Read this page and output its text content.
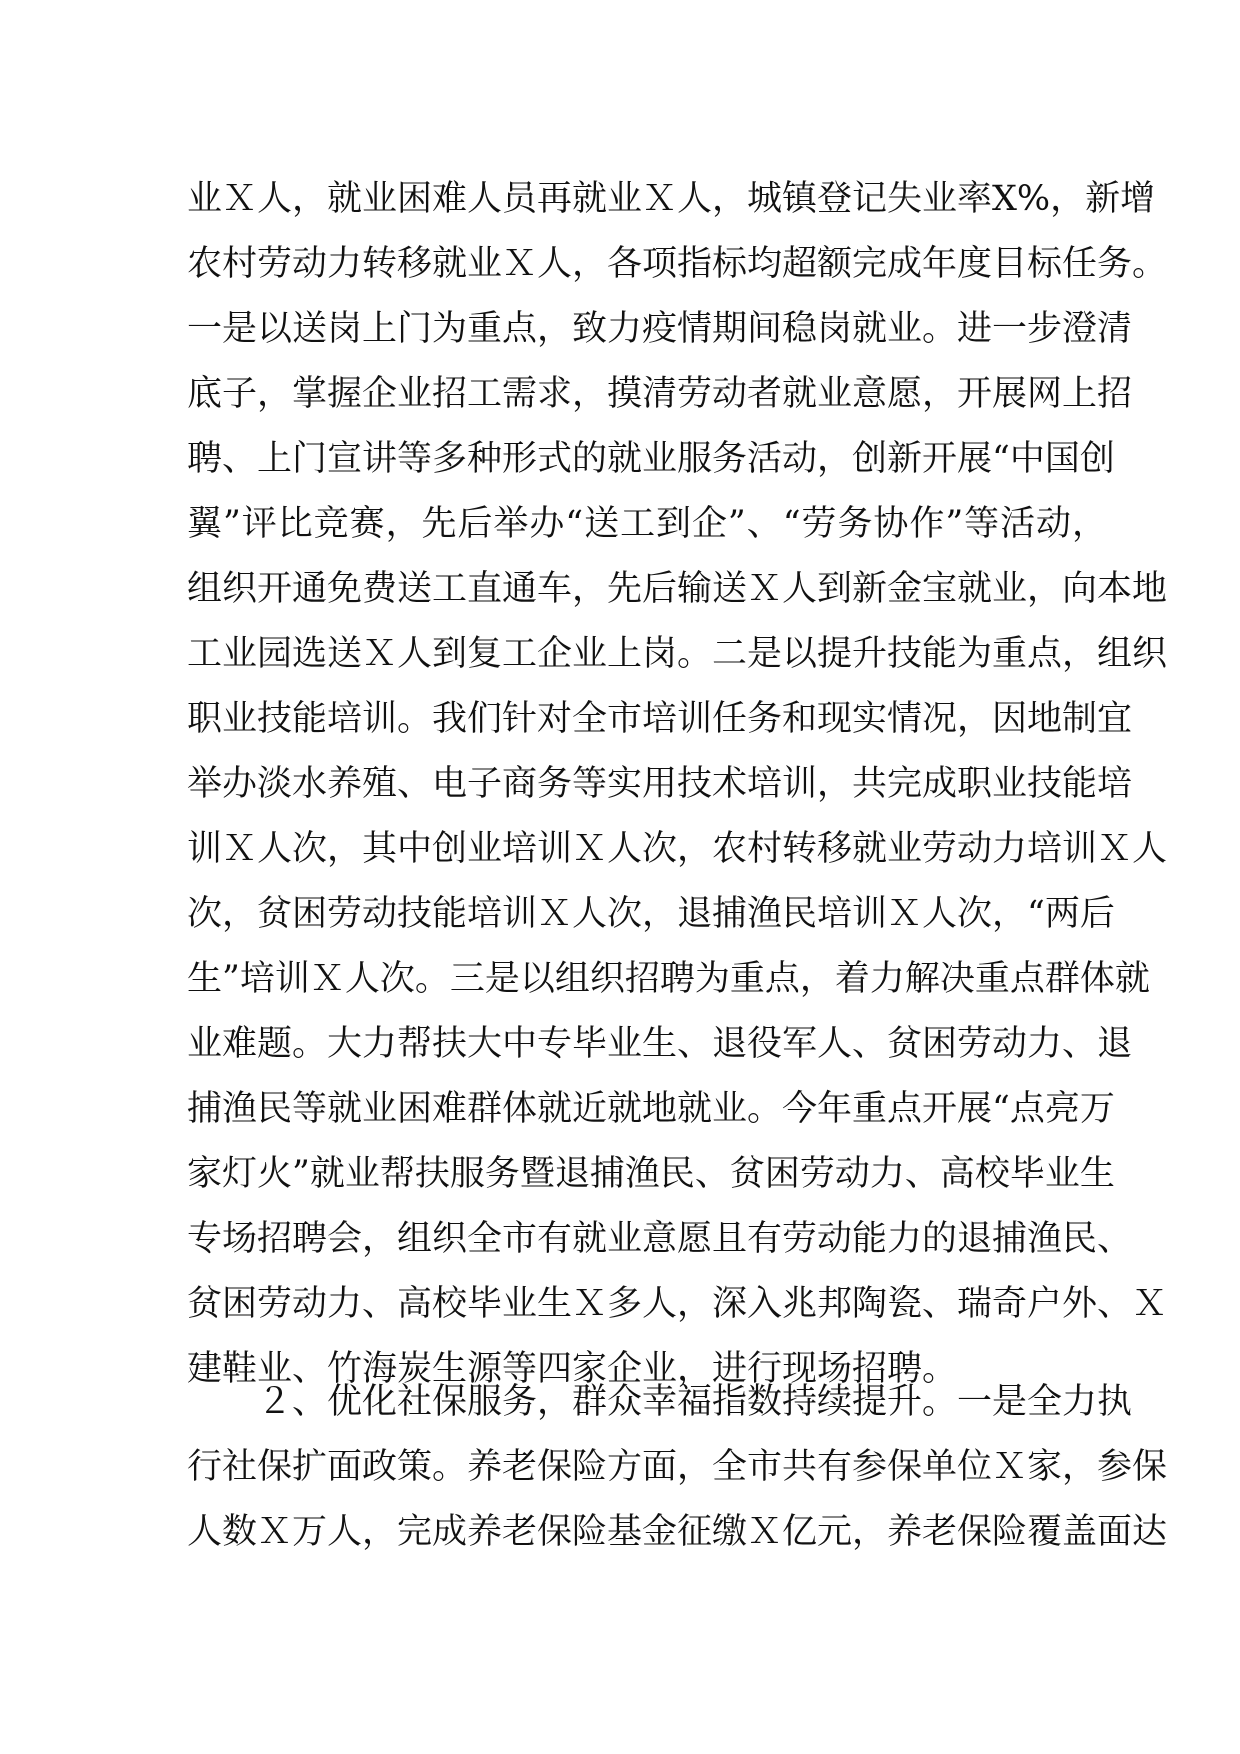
业Ｘ人，就业困难人员再就业Ｘ人，城镇登记失业率X%，新增
农村劳动力转移就业Ｘ人，各项指标均超额完成年度目标任务。
一是以送岗上门为重点，致力疫情期间稳岗就业。进一步澄清
底子，掌握企业招工需求，摸清劳动者就业意愿，开展网上招
聘、上门宣讲等多种形式的就业服务活动，创新开展“中国创
翼”评比竞赛，先后举办“送工到企”、“劳务协作”等活动，
组织开通免费送工直通车，先后输送Ｘ人到新金宝就业，向本地
工业园选送Ｘ人到复工企业上岗。二是以提升技能为重点，组织
职业技能培训。我们针对全市培训任务和现实情况，因地制宜
举办淡水养殖、电子商务等实用技术培训，共完成职业技能培
训Ｘ人次，其中创业培训Ｘ人次，农村转移就业劳动力培训Ｘ人
次，贫困劳动技能培训Ｘ人次，退捕渔民培训Ｘ人次，“两后
生”培训Ｘ人次。三是以组织招聘为重点，着力解决重点群体就
业难题。大力帮扶大中专毕业生、退役军人、贫困劳动力、退
捕渔民等就业困难群体就近就地就业。今年重点开展“点亮万
家灯火”就业帮扶服务暨退捕渔民、贫困劳动力、高校毕业生
专场招聘会，组织全市有就业意愿且有劳动能力的退捕渔民、
贫困劳动力、高校毕业生Ｘ多人，深入兆邦陶瓷、瑞奇户外、Ｘ
建鞋业、竹海炭生源等四家企业，进行现场招聘。
２、优化社保服务，群众幸福指数持续提升。一是全力执
行社保扩面政策。养老保险方面，全市共有参保单位Ｘ家，参保
人数Ｘ万人，完成养老保险基金征缴Ｘ亿元，养老保险覆盖面达
